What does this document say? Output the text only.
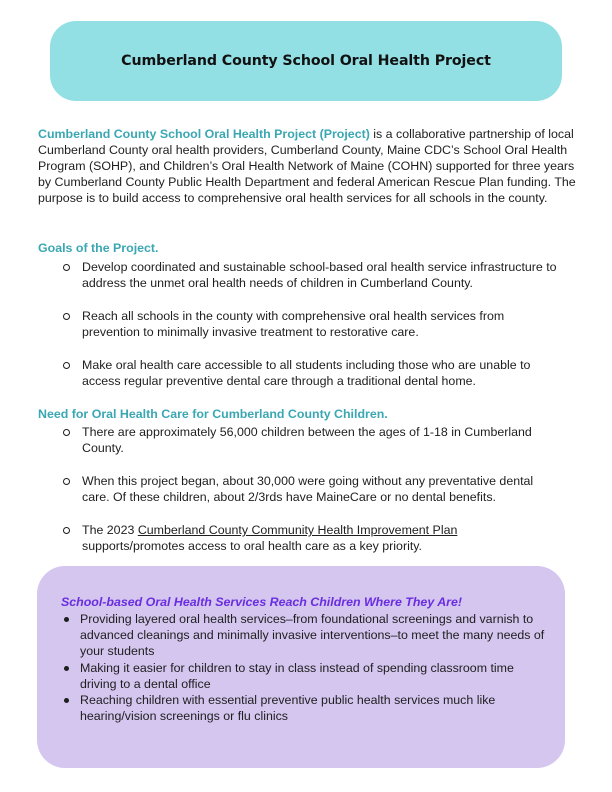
Cumberland County School Oral Health Project

Cumberland County School Oral Health Project (Project) is a collaborative partnership of local Cumberland County oral health providers, Cumberland County, Maine CDC’s School Oral Health Program (SOHP), and Children’s Oral Health Network of Maine (COHN) supported for three years by Cumberland County Public Health Department and federal American Rescue Plan funding. The purpose is to build access to comprehensive oral health services for all schools in the county.

Goals of the Project.
Develop coordinated and sustainable school-based oral health service infrastructure to address the unmet oral health needs of children in Cumberland County.
Reach all schools in the county with comprehensive oral health services from prevention to minimally invasive treatment to restorative care.
Make oral health care accessible to all students including those who are unable to access regular preventive dental care through a traditional dental home.
Need for Oral Health Care for Cumberland County Children.
There are approximately 56,000 children between the ages of 1-18 in Cumberland County.
When this project began, about 30,000 were going without any preventative dental care. Of these children, about 2/3rds have MaineCare or no dental benefits.
The 2023 Cumberland County Community Health Improvement Plan
supports/promotes access to oral health care as a key priority.
School-based Oral Health Services Reach Children Where They Are!
Providing layered oral health services–from foundational screenings and varnish to advanced cleanings and minimally invasive interventions–to meet the many needs of your students
Making it easier for children to stay in class instead of spending classroom time driving to a dental office
Reaching children with essential preventive public health services much like hearing/vision screenings or flu clinics
